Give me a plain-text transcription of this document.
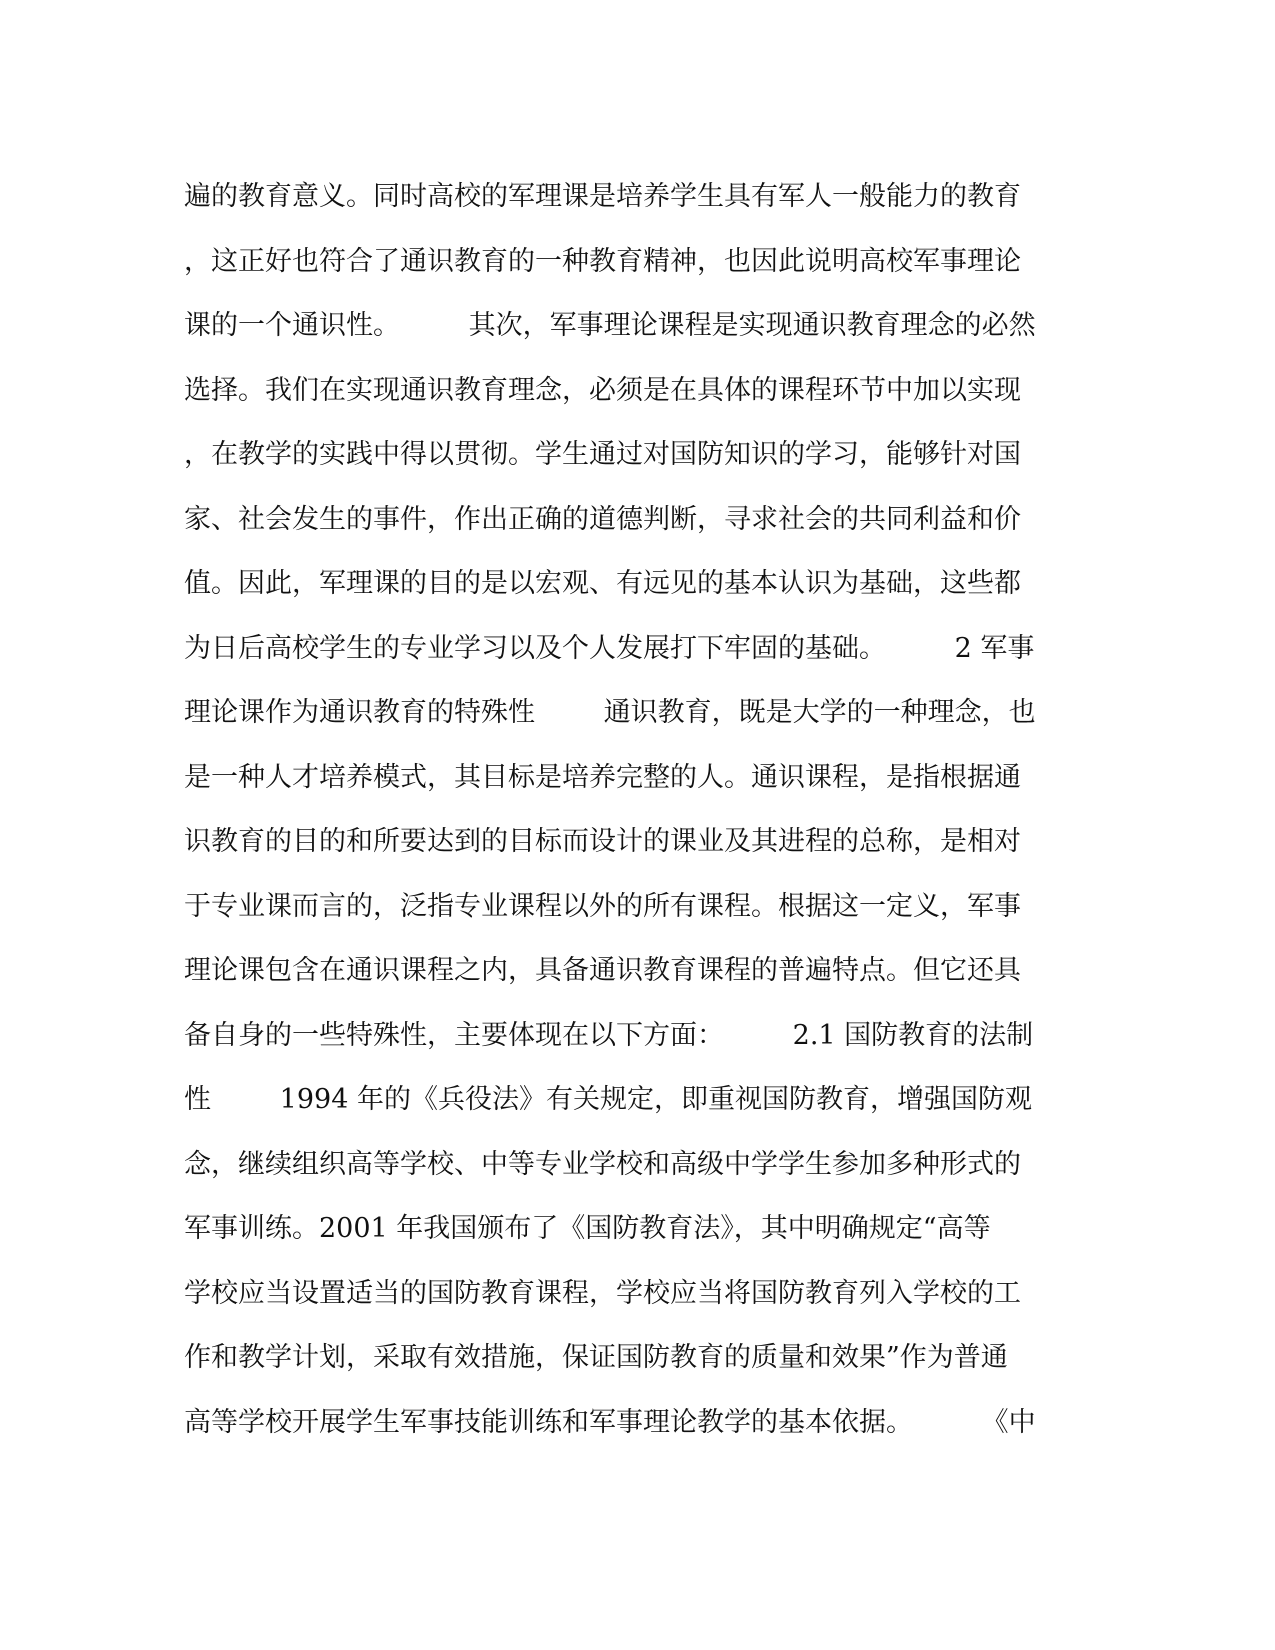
遍的教育意义。同时高校的军理课是培养学生具有军人一般能力的教育
，这正好也符合了通识教育的一种教育精神，也因此说明高校军事理论
课的一个通识性。        其次，军事理论课程是实现通识教育理念的必然
选择。我们在实现通识教育理念，必须是在具体的课程环节中加以实现
，在教学的实践中得以贯彻。学生通过对国防知识的学习，能够针对国
家、社会发生的事件，作出正确的道德判断，寻求社会的共同利益和价
值。因此，军理课的目的是以宏观、有远见的基本认识为基础，这些都
为日后高校学生的专业学习以及个人发展打下牢固的基础。        2 军事
理论课作为通识教育的特殊性        通识教育，既是大学的一种理念，也
是一种人才培养模式，其目标是培养完整的人。通识课程，是指根据通
识教育的目的和所要达到的目标而设计的课业及其进程的总称，是相对
于专业课而言的，泛指专业课程以外的所有课程。根据这一定义，军事
理论课包含在通识课程之内，具备通识教育课程的普遍特点。但它还具
备自身的一些特殊性，主要体现在以下方面：        2.1 国防教育的法制
性        1994 年的《兵役法》有关规定，即重视国防教育，增强国防观
念，继续组织高等学校、中等专业学校和高级中学学生参加多种形式的
军事训练。2001 年我国颁布了《国防教育法》，其中明确规定“高等
学校应当设置适当的国防教育课程，学校应当将国防教育列入学校的工
作和教学计划，采取有效措施，保证国防教育的质量和效果”作为普通
高等学校开展学生军事技能训练和军事理论教学的基本依据。        《中
